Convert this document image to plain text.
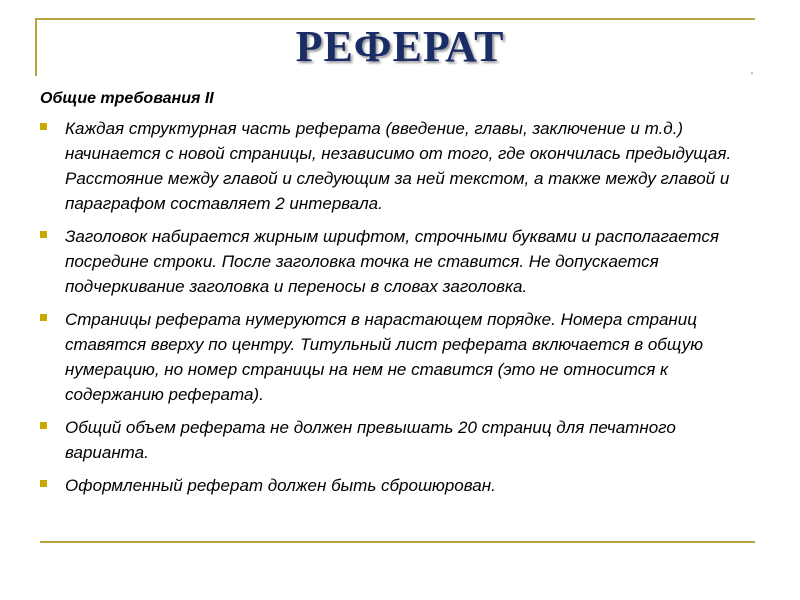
.
РЕФЕРАТ
Общие требования II
Каждая структурная часть реферата (введение, главы, заключение и т.д.) начинается с новой страницы, независимо от того, где окончилась предыдущая. Расстояние между главой и следующим за ней текстом, а также между главой и параграфом составляет 2 интервала.
Заголовок набирается жирным шрифтом, строчными буквами и располагается посредине строки. После заголовка точка не ставится. Не допускается подчеркивание заголовка и переносы в словах заголовка.
Страницы реферата нумеруются в нарастающем порядке. Номера страниц ставятся вверху по центру. Титульный лист реферата включается в общую нумерацию, но номер страницы на нем не ставится (это не относится к содержанию реферата).
Общий объем реферата не должен превышать 20 страниц для печатного варианта.
Оформленный реферат должен быть сброшюрован.
